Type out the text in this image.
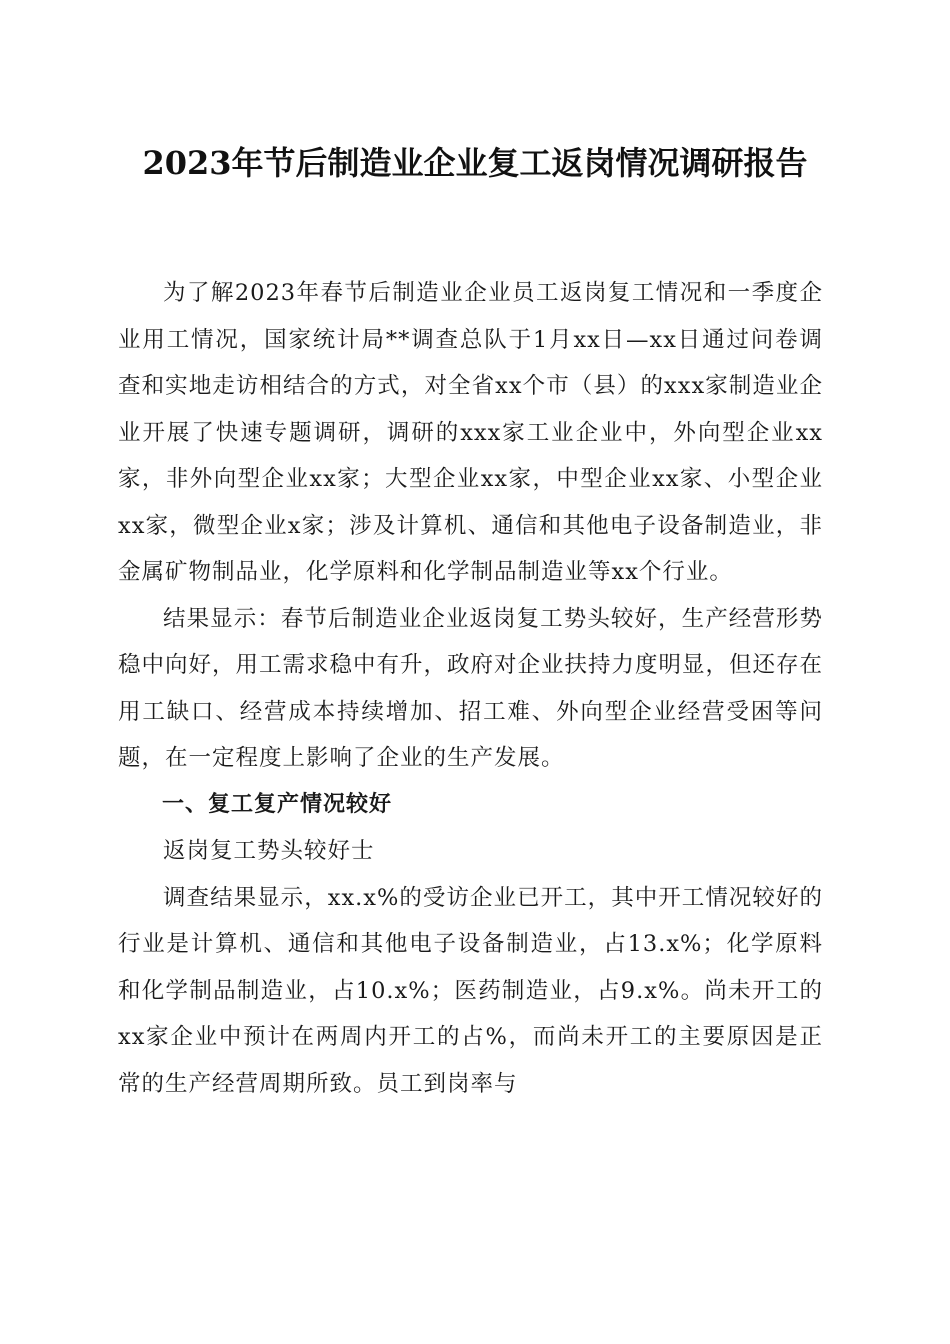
2023年节后制造业企业复工返岗情况调研报告

为了解2023年春节后制造业企业员工返岗复工情况和一季度企业用工情况，国家统计局**调查总队于1月xx日—xx日通过问卷调查和实地走访相结合的方式，对全省xx个市（县）的xxx家制造业企业开展了快速专题调研，调研的xxx家工业企业中，外向型企业xx家，非外向型企业xx家；大型企业xx家，中型企业xx家、小型企业xx家，微型企业x家；涉及计算机、通信和其他电子设备制造业，非金属矿物制品业，化学原料和化学制品制造业等xx个行业。

结果显示：春节后制造业企业返岗复工势头较好，生产经营形势稳中向好，用工需求稳中有升，政府对企业扶持力度明显，但还存在用工缺口、经营成本持续增加、招工难、外向型企业经营受困等问题，在一定程度上影响了企业的生产发展。

一、复工复产情况较好

返岗复工势头较好士

调查结果显示，xx.x%的受访企业已开工，其中开工情况较好的行业是计算机、通信和其他电子设备制造业，占13.x%；化学原料和化学制品制造业，占10.x%；医药制造业，占9.x%。尚未开工的xx家企业中预计在两周内开工的占%，而尚未开工的主要原因是正常的生产经营周期所致。员工到岗率与
